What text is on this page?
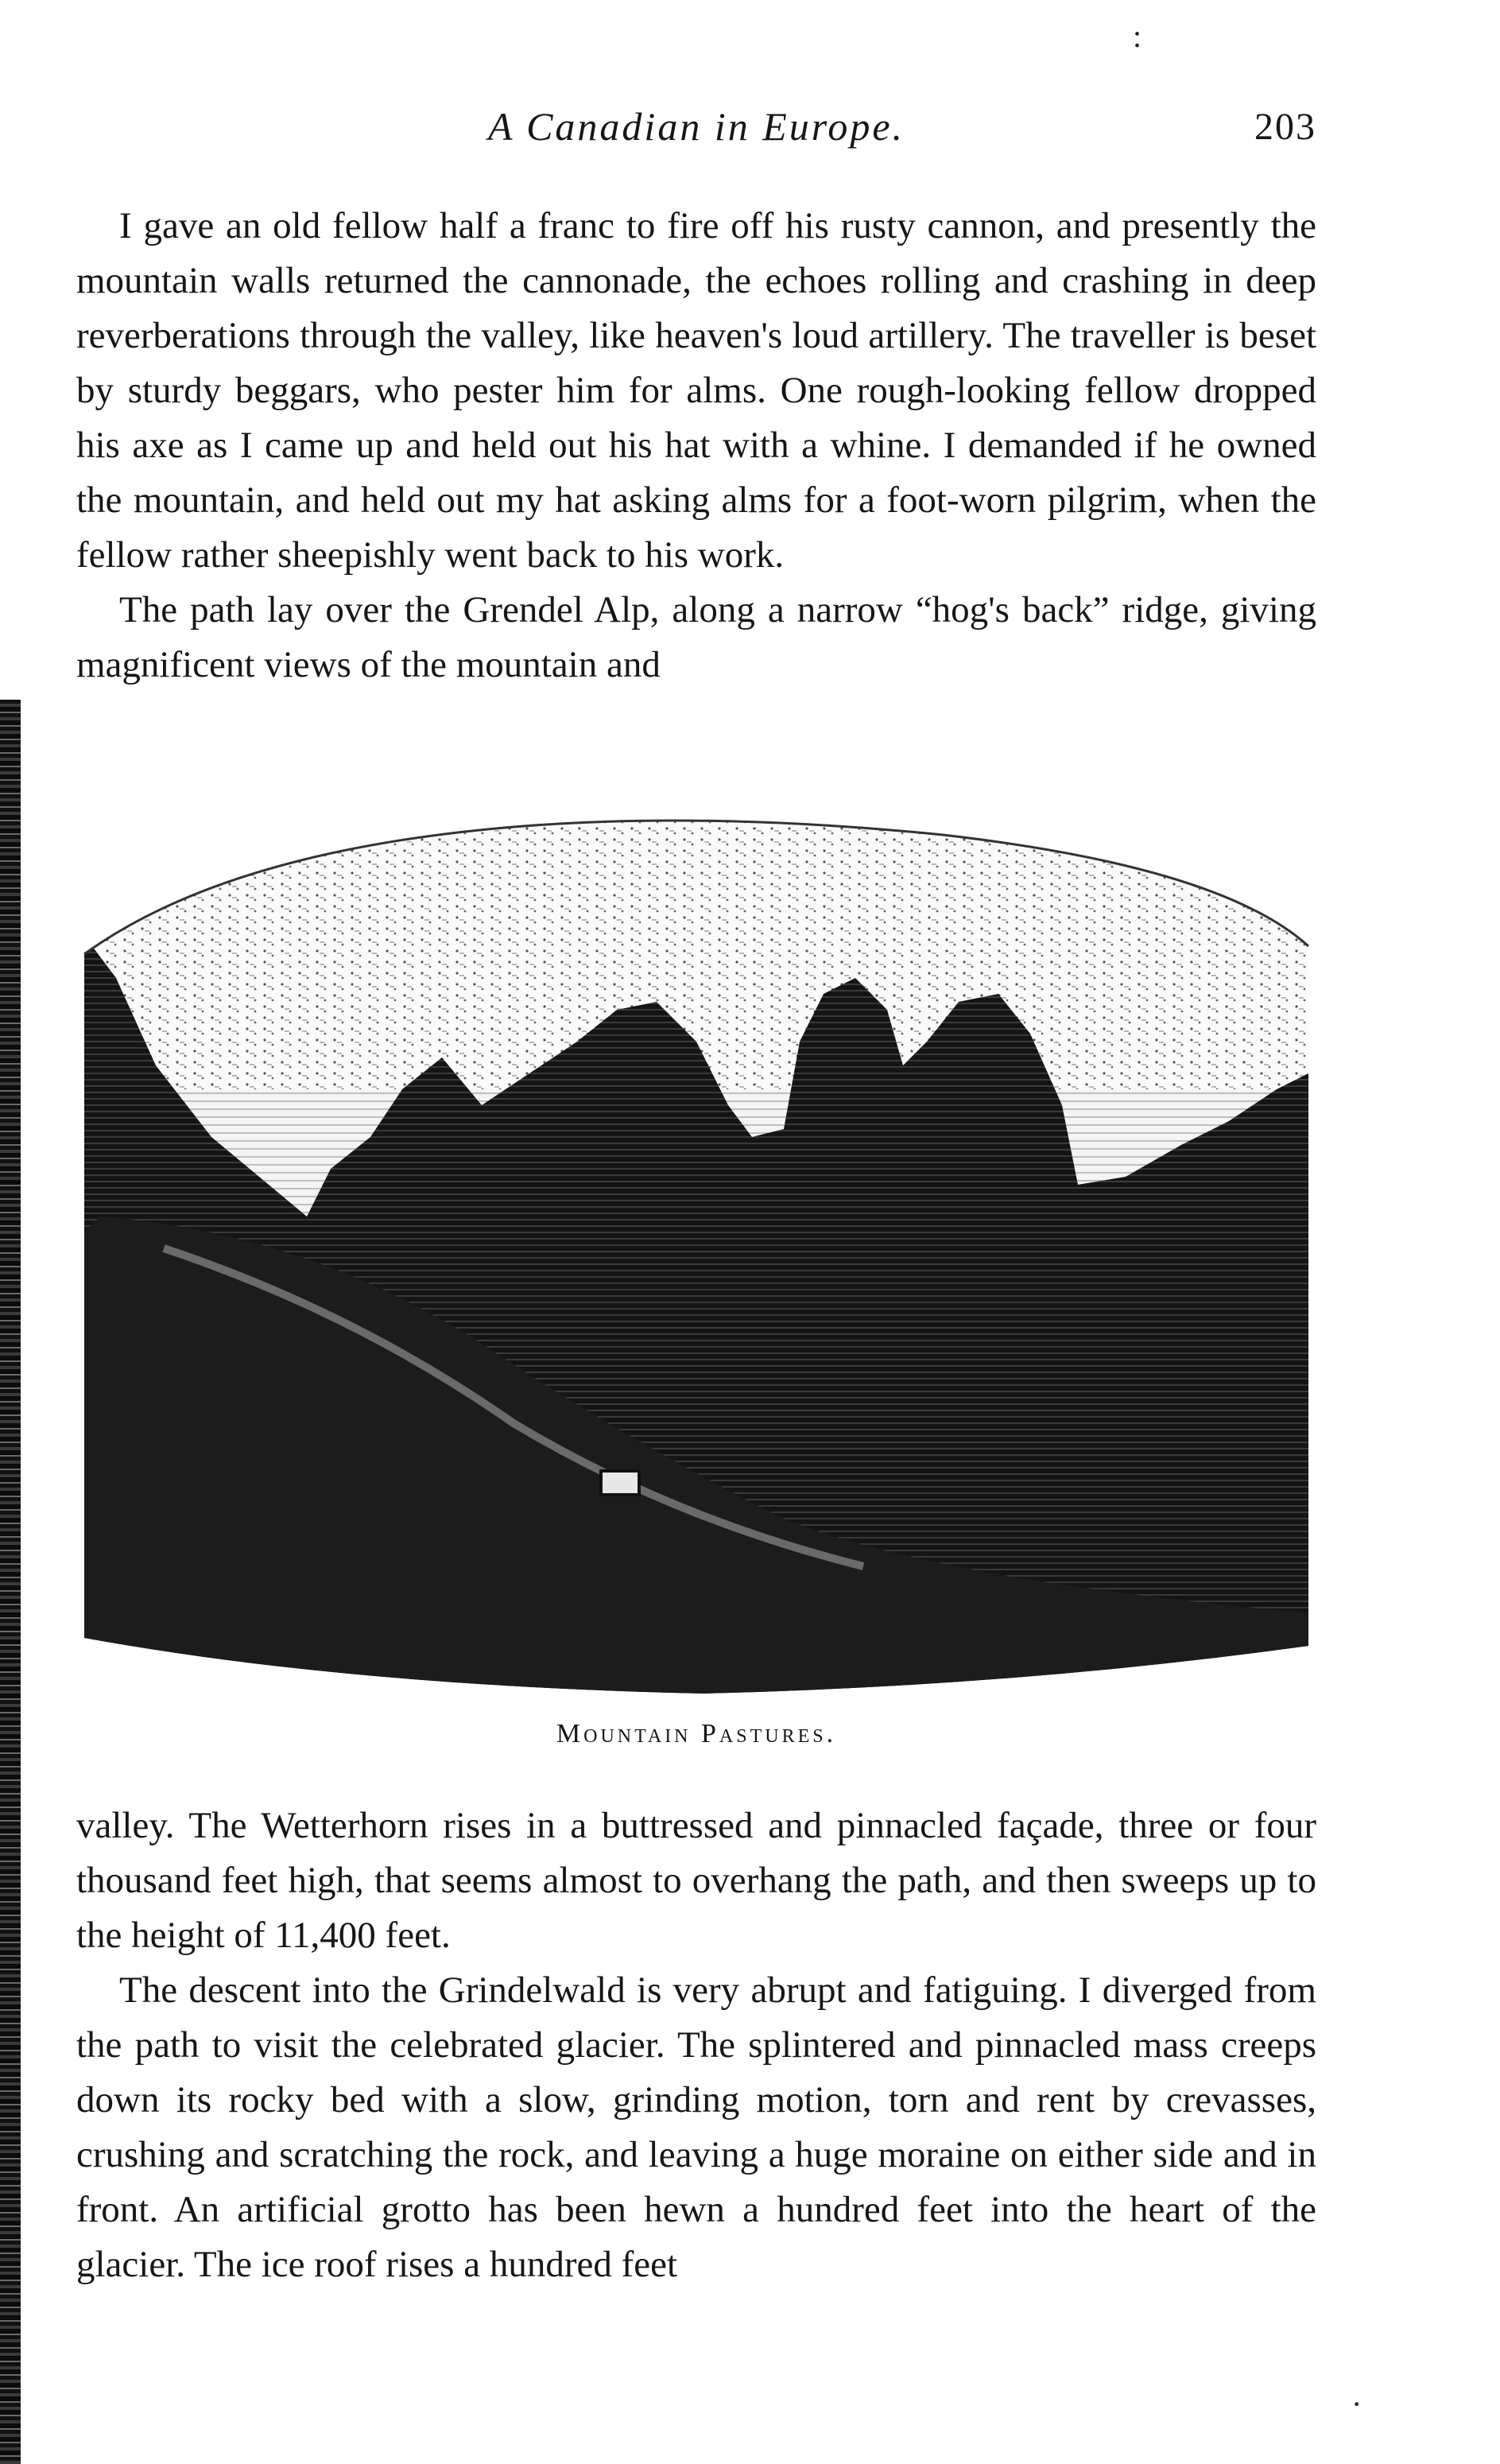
:
·
A Canadian in Europe.	203

I gave an old fellow half a franc to fire off his rusty cannon, and presently the mountain walls returned the cannonade, the echoes rolling and crashing in deep reverberations through the valley, like heaven's loud artillery. The traveller is beset by sturdy beggars, who pester him for alms. One rough-looking fellow dropped his axe as I came up and held out his hat with a whine. I demanded if he owned the mountain, and held out my hat asking alms for a foot-worn pilgrim, when the fellow rather sheepishly went back to his work.

The path lay over the Grendel Alp, along a narrow “hog's back” ridge, giving magnificent views of the mountain and

Mountain Pastures.

valley. The Wetterhorn rises in a buttressed and pinnacled façade, three or four thousand feet high, that seems almost to overhang the path, and then sweeps up to the height of 11,400 feet.

The descent into the Grindelwald is very abrupt and fatiguing. I diverged from the path to visit the celebrated glacier. The splintered and pinnacled mass creeps down its rocky bed with a slow, grinding motion, torn and rent by crevasses, crushing and scratching the rock, and leaving a huge moraine on either side and in front. An artificial grotto has been hewn a hundred feet into the heart of the glacier. The ice roof rises a hundred feet
